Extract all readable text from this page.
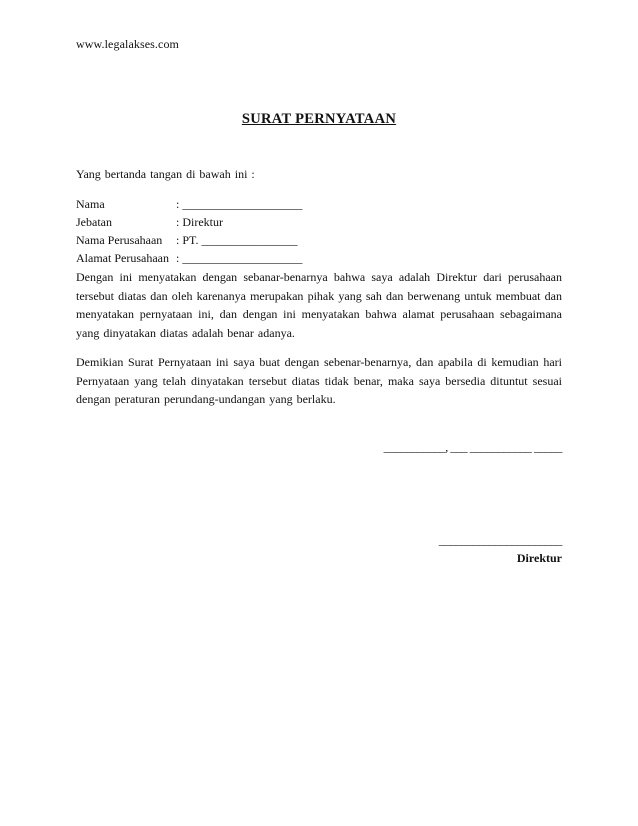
www.legalakses.com
SURAT PERNYATAAN
Yang bertanda tangan di bawah ini :
Nama	: ____________________
Jebatan	: Direktur
Nama Perusahaan : PT. ________________
Alamat Perusahaan : ____________________
Dengan ini menyatakan dengan sebanar-benarnya bahwa saya adalah Direktur dari perusahaan tersebut diatas dan oleh karenanya merupakan pihak yang sah dan berwenang untuk membuat dan menyatakan pernyataan ini, dan dengan ini menyatakan bahwa alamat perusahaan sebagaimana yang dinyatakan diatas adalah benar adanya.
Demikian Surat Pernyataan ini saya buat dengan sebenar-benarnya, dan apabila di kemudian hari Pernyataan yang telah dinyatakan tersebut diatas tidak benar, maka saya bersedia dituntut sesuai dengan peraturan perundang-undangan yang berlaku.
___________, ___ ___________ _____
______________________
Direktur
